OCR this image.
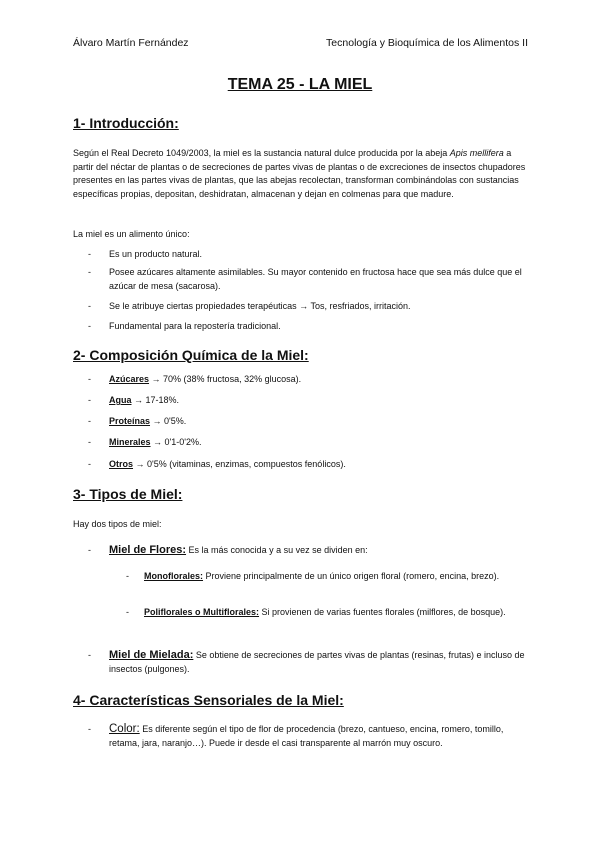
Álvaro Martín Fernández	Tecnología y Bioquímica de los Alimentos II
TEMA 25 - LA MIEL
1- Introducción:
Según el Real Decreto 1049/2003, la miel es la sustancia natural dulce producida por la abeja Apis mellifera a partir del néctar de plantas o de secreciones de partes vivas de plantas o de excreciones de insectos chupadores presentes en las partes vivas de plantas, que las abejas recolectan, transforman combinándolas con sustancias específicas propias, depositan, deshidratan, almacenan y dejan en colmenas para que madure.
La miel es un alimento único:
- Es un producto natural.
- Posee azúcares altamente asimilables. Su mayor contenido en fructosa hace que sea más dulce que el azúcar de mesa (sacarosa).
- Se le atribuye ciertas propiedades terapéuticas → Tos, resfriados, irritación.
- Fundamental para la repostería tradicional.
2- Composición Química de la Miel:
- Azúcares → 70% (38% fructosa, 32% glucosa).
- Agua → 17-18%.
- Proteínas → 0'5%.
- Minerales → 0'1-0'2%.
- Otros → 0'5% (vitaminas, enzimas, compuestos fenólicos).
3- Tipos de Miel:
Hay dos tipos de miel:
- Miel de Flores: Es la más conocida y a su vez se dividen en:
- Monoflorales: Proviene principalmente de un único origen floral (romero, encina, brezo).
- Poliflorales o Multiflorales: Si provienen de varias fuentes florales (milflores, de bosque).
- Miel de Mielada: Se obtiene de secreciones de partes vivas de plantas (resinas, frutas) e incluso de insectos (pulgones).
4- Características Sensoriales de la Miel:
- Color: Es diferente según el tipo de flor de procedencia (brezo, cantueso, encina, romero, tomillo, retama, jara, naranjo…). Puede ir desde el casi transparente al marrón muy oscuro.
